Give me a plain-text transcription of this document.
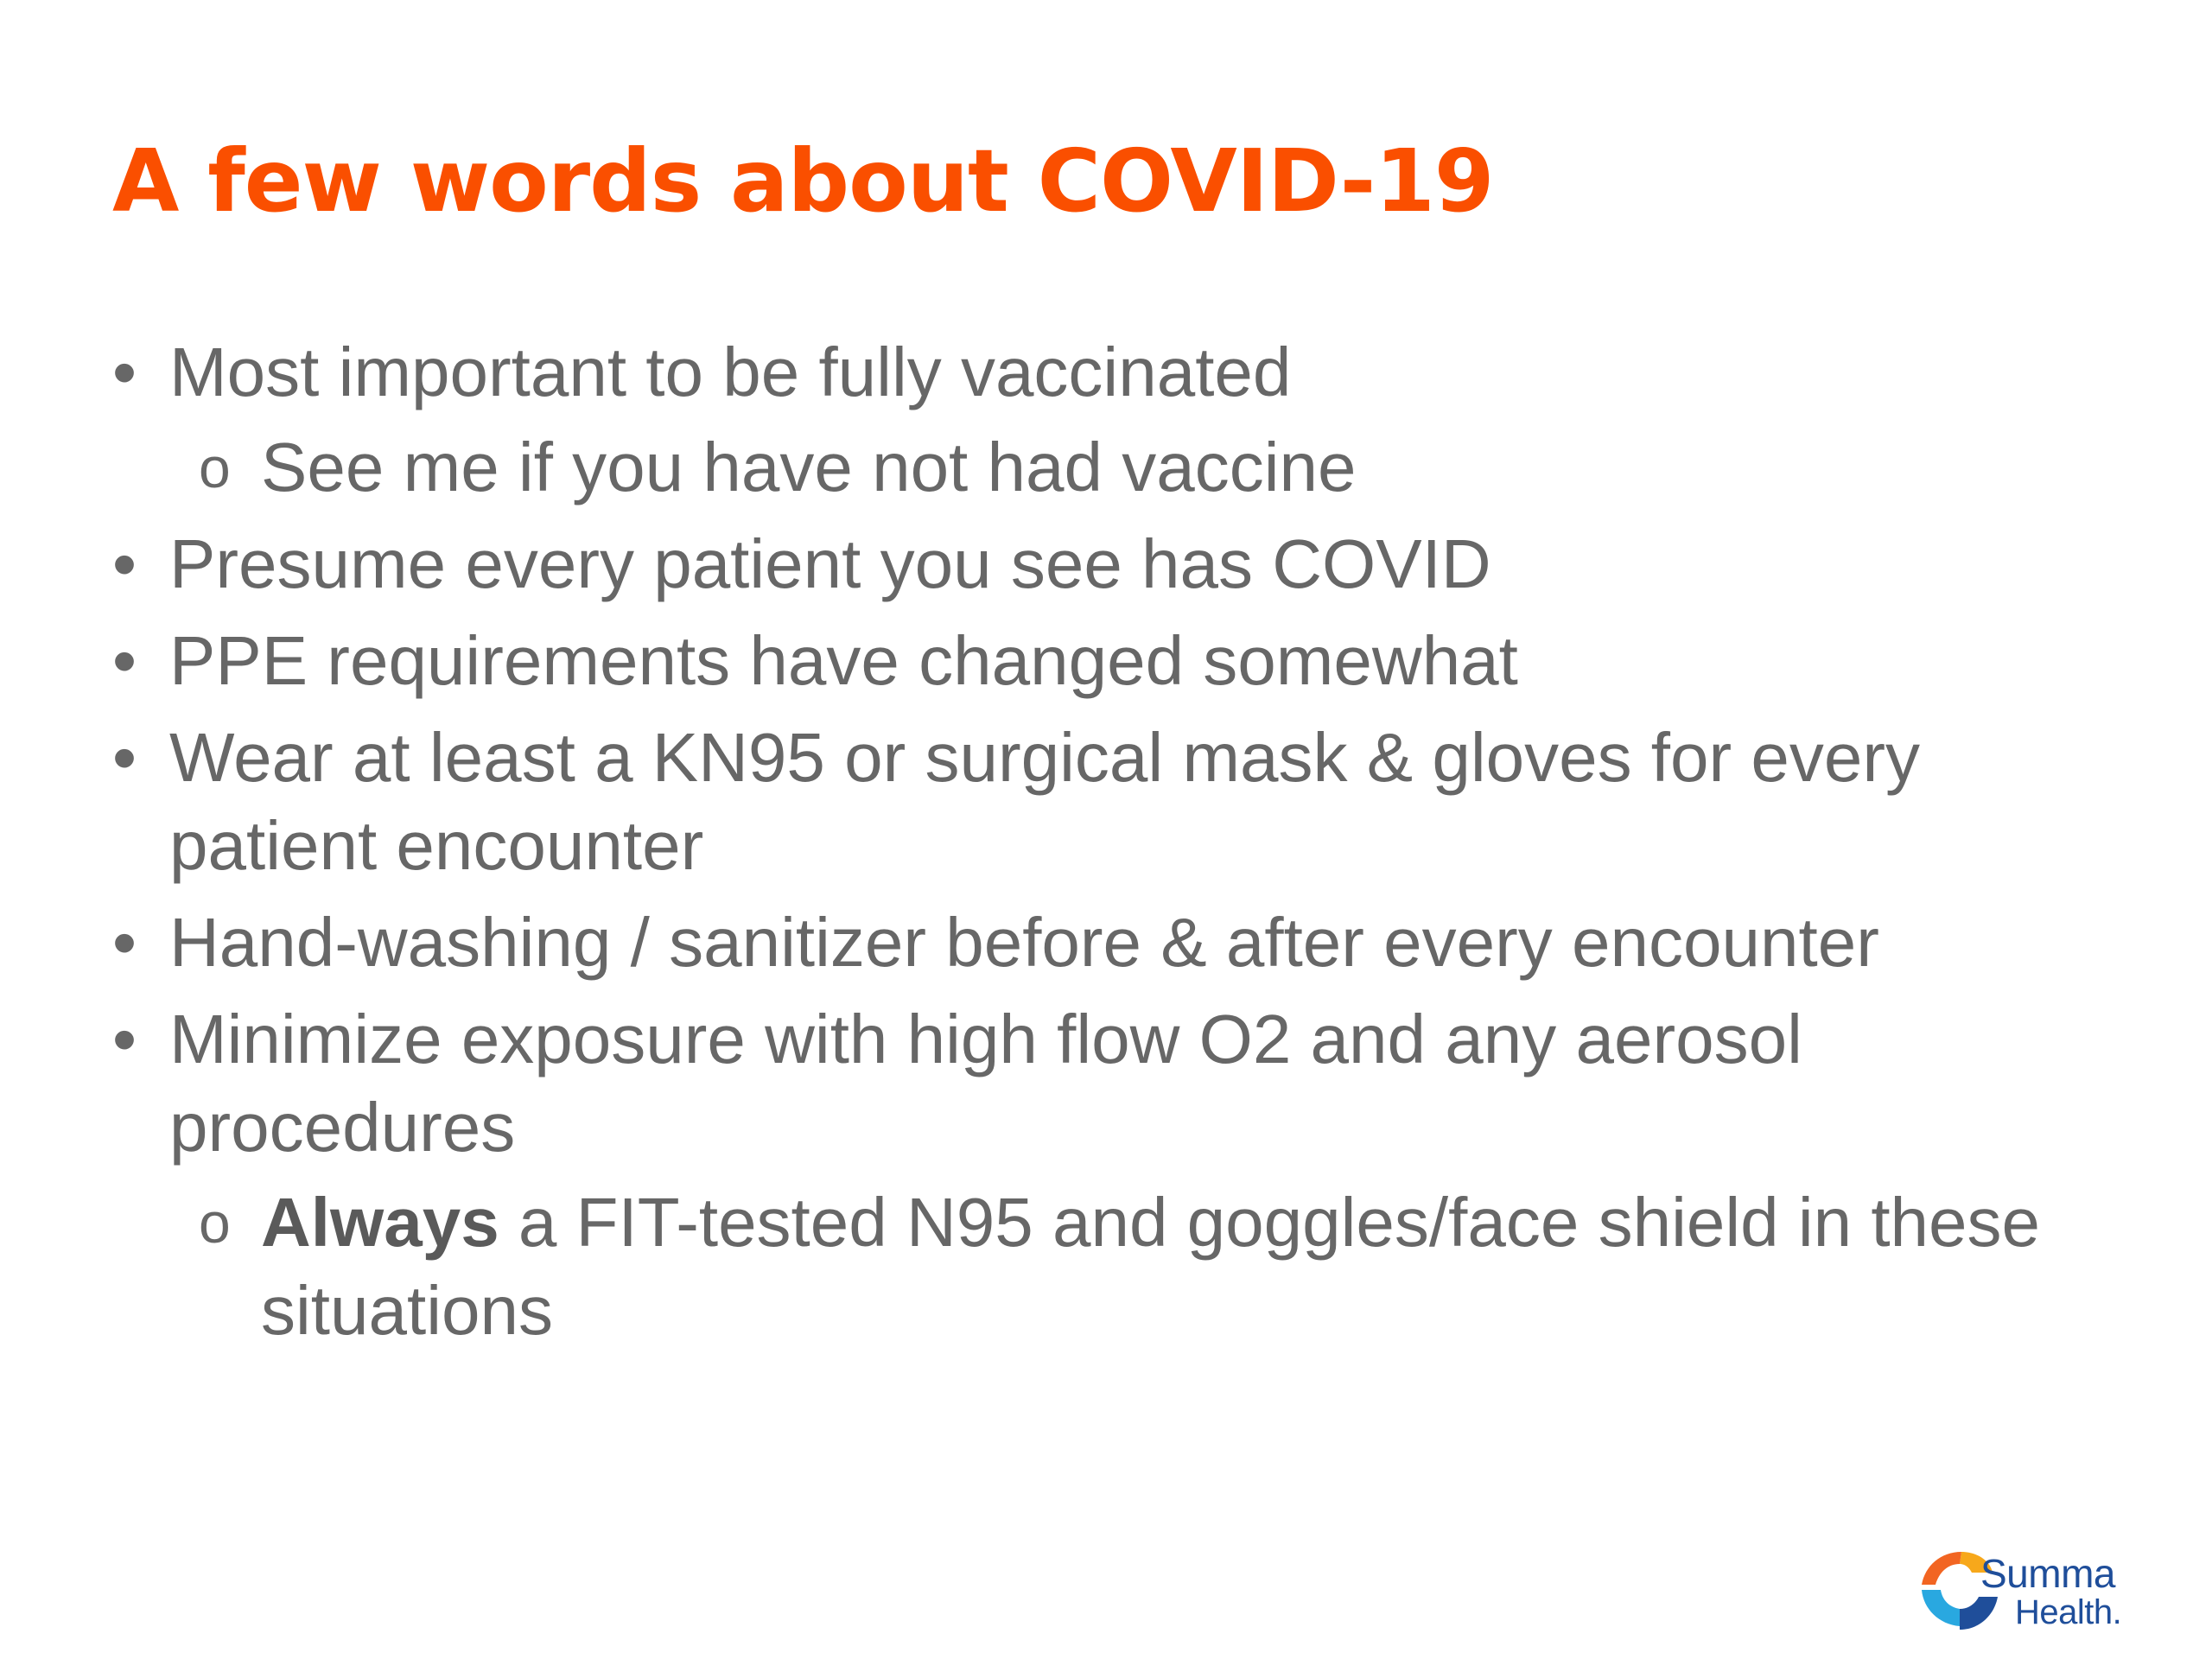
A few words about COVID-19
• Most important to be fully vaccinated
o See me if you have not had vaccine
• Presume every patient you see has COVID
• PPE requirements have changed somewhat
• Wear at least a KN95 or surgical mask & gloves for every patient encounter
• Hand-washing / sanitizer before & after every encounter
• Minimize exposure with high flow O2 and any aerosol procedures
o Always a FIT-tested N95 and goggles/face shield in these situations
Summa
Health.
